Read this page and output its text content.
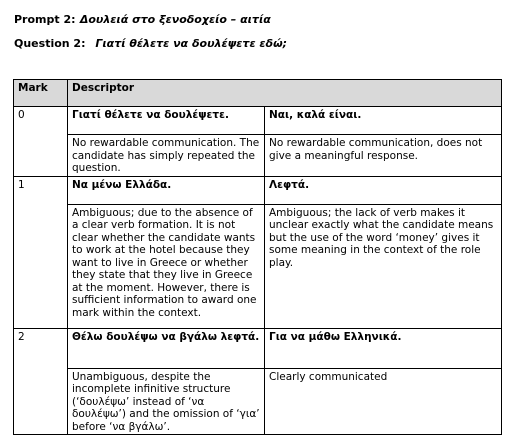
Prompt 2: Δουλειά στο ξενοδοχείο – αιτία
Question 2: Γιατί θέλετε να δουλέψετε εδώ;
Mark	Descriptor	
0	Γιατί θέλετε να δουλέψετε.	Ναι, καλά είναι.
	No rewardable communication. The candidate has simply repeated the question.	No rewardable communication, does not give a meaningful response.
1	Να μένω Ελλάδα.	Λεφτά.
	Ambiguous; due to the absence of a clear verb formation. It is not clear whether the candidate wants to work at the hotel because they want to live in Greece or whether they state that they live in Greece at the moment. However, there is sufficient information to award one mark within the context.	Ambiguous; the lack of verb makes it unclear exactly what the candidate means but the use of the word ‘money’ gives it some meaning in the context of the role play.
2	Θέλω δουλέψω να βγάλω λεφτά.	Για να μάθω Ελληνικά.
	Unambiguous, despite the incomplete infinitive structure (‘δουλέψω’ instead of ‘να δουλέψω’) and the omission of ‘για’ before ‘να βγάλω’.	Clearly communicated
